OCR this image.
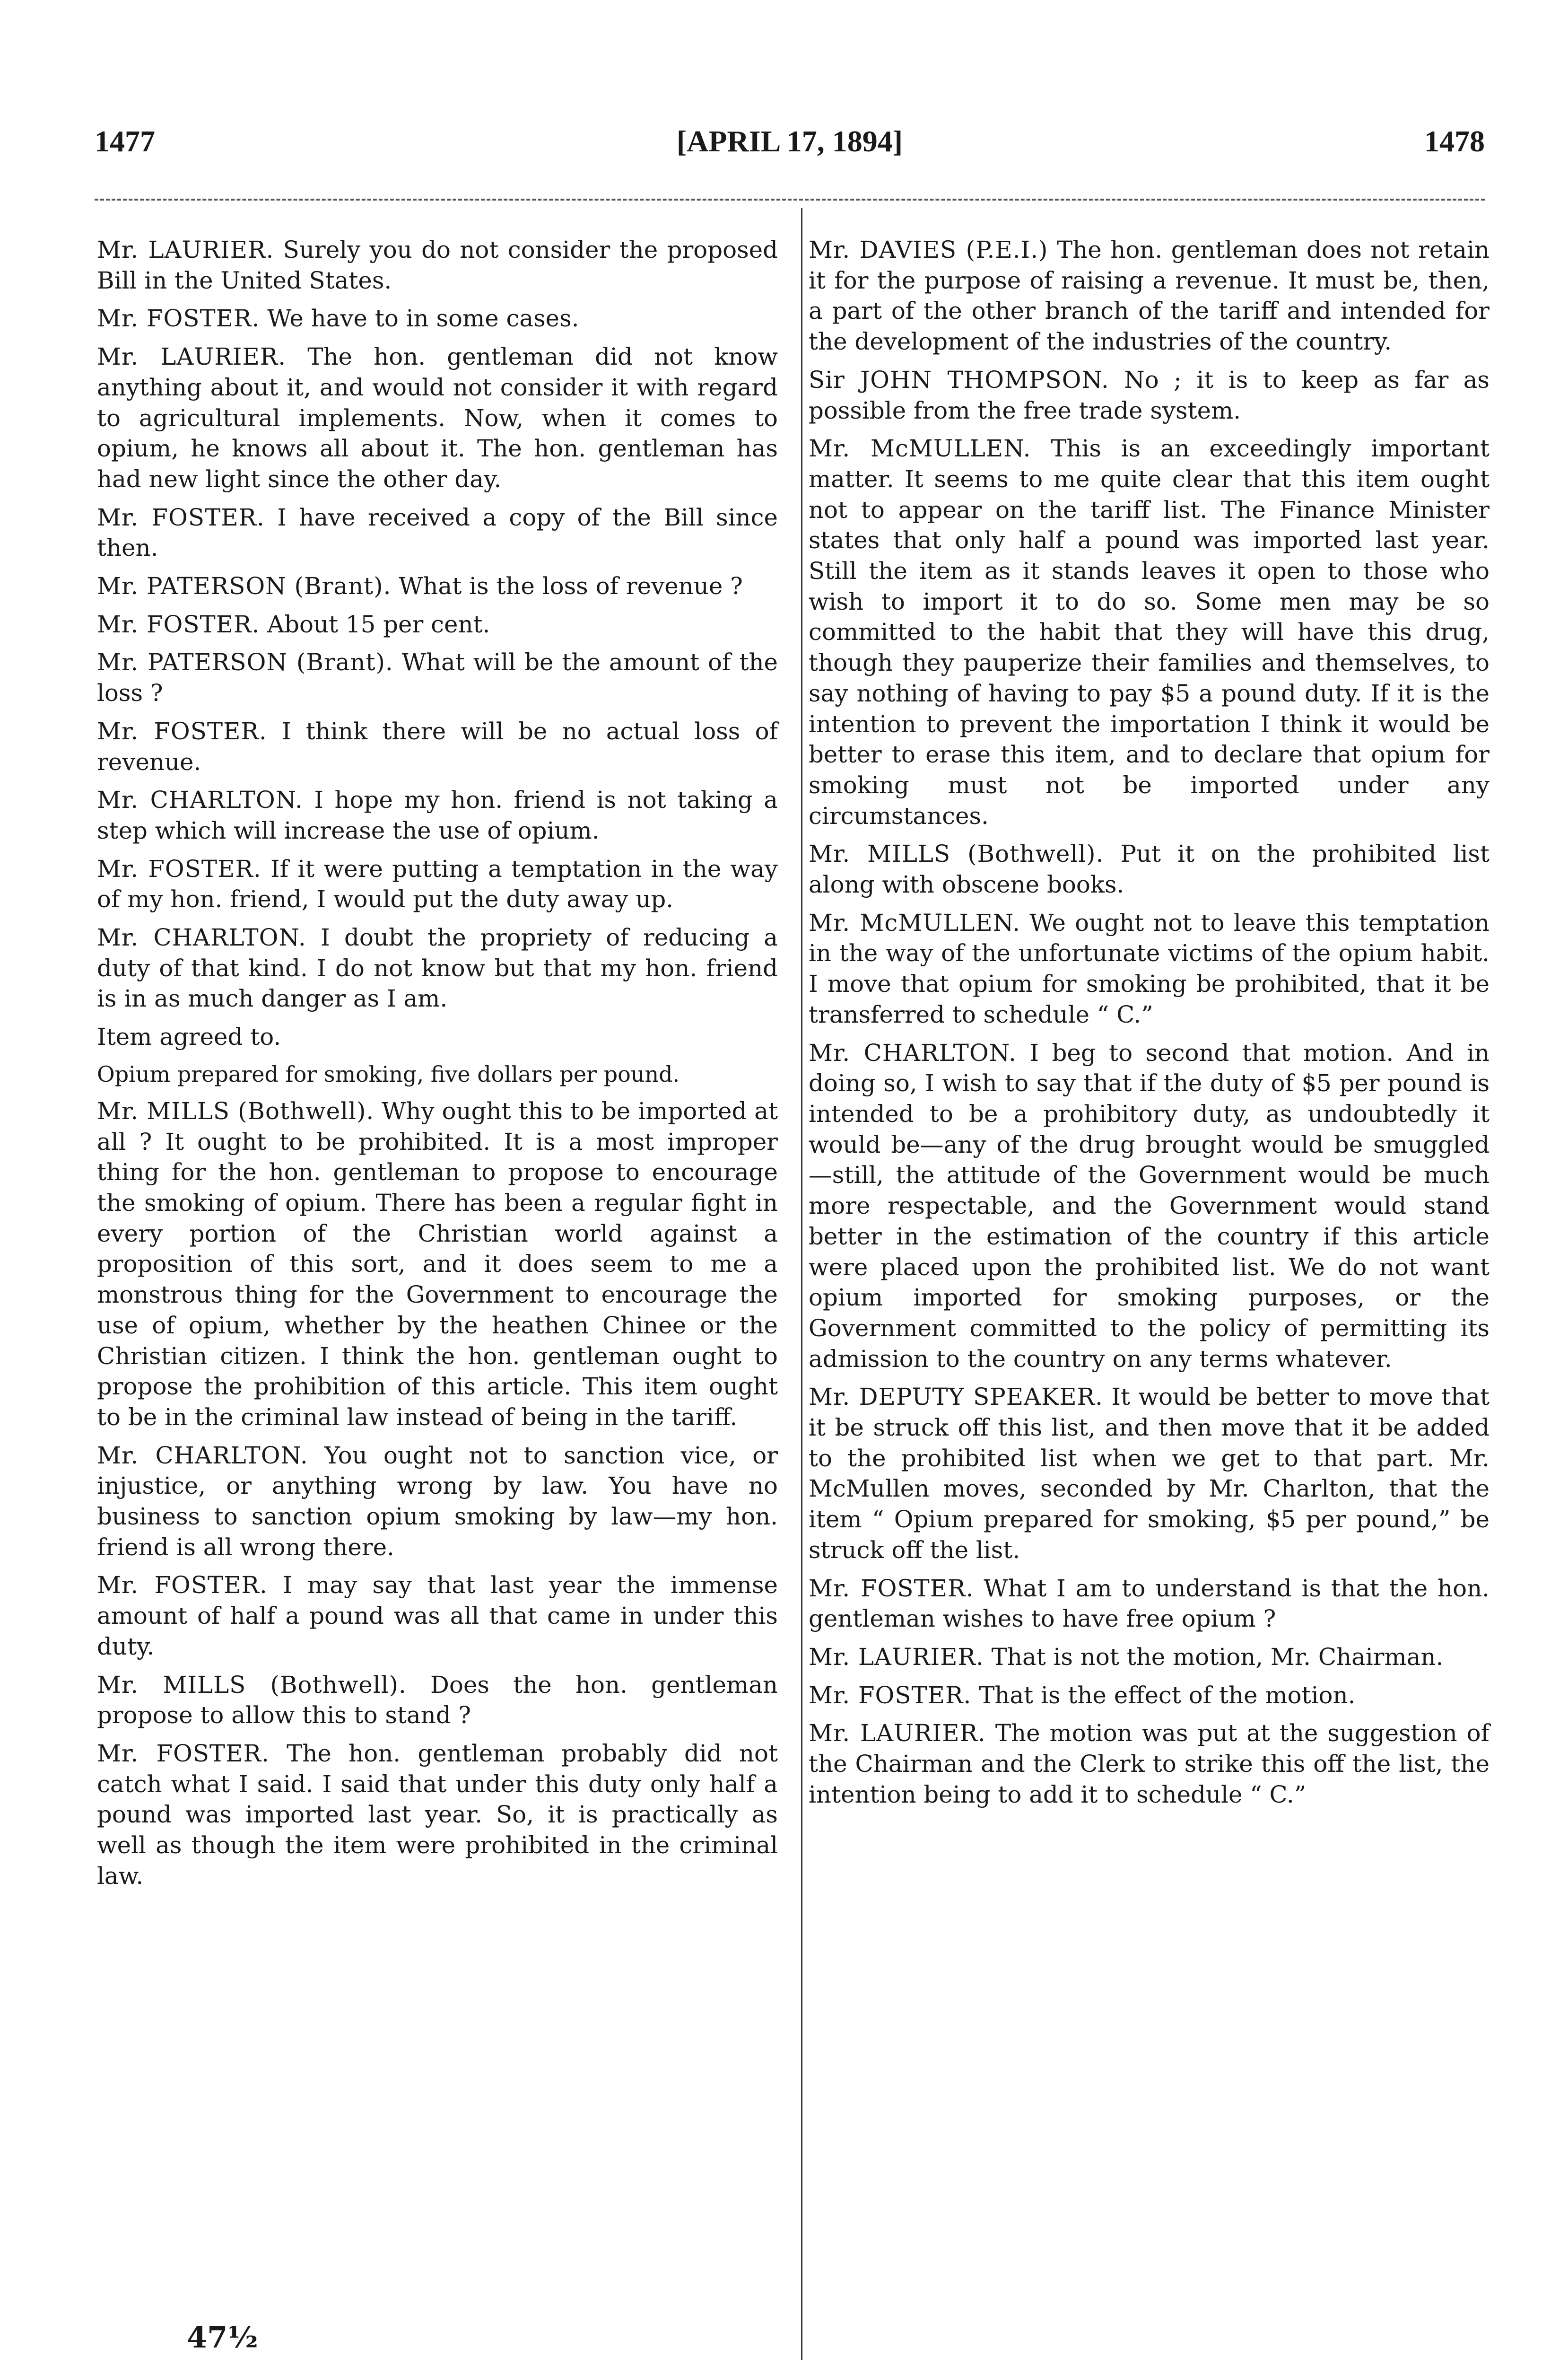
1477	[APRIL 17, 1894]	1478

Mr. LAURIER. Surely you do not consider the proposed Bill in the United States.

Mr. FOSTER. We have to in some cases.

Mr. LAURIER. The hon. gentleman did not know anything about it, and would not consider it with regard to agricultural implements. Now, when it comes to opium, he knows all about it. The hon. gentleman has had new light since the other day.

Mr. FOSTER. I have received a copy of the Bill since then.

Mr. PATERSON (Brant). What is the loss of revenue ?

Mr. FOSTER. About 15 per cent.

Mr. PATERSON (Brant). What will be the amount of the loss ?

Mr. FOSTER. I think there will be no actual loss of revenue.

Mr. CHARLTON. I hope my hon. friend is not taking a step which will increase the use of opium.

Mr. FOSTER. If it were putting a temptation in the way of my hon. friend, I would put the duty away up.

Mr. CHARLTON. I doubt the propriety of reducing a duty of that kind. I do not know but that my hon. friend is in as much danger as I am.

Item agreed to.

Opium prepared for smoking, five dollars per pound.

Mr. MILLS (Bothwell). Why ought this to be imported at all ? It ought to be prohibited. It is a most improper thing for the hon. gentleman to propose to encourage the smoking of opium. There has been a regular fight in every portion of the Christian world against a proposition of this sort, and it does seem to me a monstrous thing for the Government to encourage the use of opium, whether by the heathen Chinee or the Christian citizen. I think the hon. gentleman ought to propose the prohibition of this article. This item ought to be in the criminal law instead of being in the tariff.

Mr. CHARLTON. You ought not to sanction vice, or injustice, or anything wrong by law. You have no business to sanction opium smoking by law—my hon. friend is all wrong there.

Mr. FOSTER. I may say that last year the immense amount of half a pound was all that came in under this duty.

Mr. MILLS (Bothwell). Does the hon. gentleman propose to allow this to stand ?

Mr. FOSTER. The hon. gentleman probably did not catch what I said. I said that under this duty only half a pound was imported last year. So, it is practically as well as though the item were prohibited in the criminal law.

Mr. DAVIES (P.E.I.) The hon. gentleman does not retain it for the purpose of raising a revenue. It must be, then, a part of the other branch of the tariff and intended for the development of the industries of the country.

Sir JOHN THOMPSON. No ; it is to keep as far as possible from the free trade system.

Mr. McMULLEN. This is an exceedingly important matter. It seems to me quite clear that this item ought not to appear on the tariff list. The Finance Minister states that only half a pound was imported last year. Still the item as it stands leaves it open to those who wish to import it to do so. Some men may be so committed to the habit that they will have this drug, though they pauperize their families and themselves, to say nothing of having to pay $5 a pound duty. If it is the intention to prevent the importation I think it would be better to erase this item, and to declare that opium for smoking must not be imported under any circumstances.

Mr. MILLS (Bothwell). Put it on the prohibited list along with obscene books.

Mr. McMULLEN. We ought not to leave this temptation in the way of the unfortunate victims of the opium habit. I move that opium for smoking be prohibited, that it be transferred to schedule “ C.”

Mr. CHARLTON. I beg to second that motion. And in doing so, I wish to say that if the duty of $5 per pound is intended to be a prohibitory duty, as undoubtedly it would be—any of the drug brought would be smuggled—still, the attitude of the Government would be much more respectable, and the Government would stand better in the estimation of the country if this article were placed upon the prohibited list. We do not want opium imported for smoking purposes, or the Government committed to the policy of permitting its admission to the country on any terms whatever.

Mr. DEPUTY SPEAKER. It would be better to move that it be struck off this list, and then move that it be added to the prohibited list when we get to that part. Mr. McMullen moves, seconded by Mr. Charlton, that the item “ Opium prepared for smoking, $5 per pound,” be struck off the list.

Mr. FOSTER. What I am to understand is that the hon. gentleman wishes to have free opium ?

Mr. LAURIER. That is not the motion, Mr. Chairman.

Mr. FOSTER. That is the effect of the motion.

Mr. LAURIER. The motion was put at the suggestion of the Chairman and the Clerk to strike this off the list, the intention being to add it to schedule “ C.”

47½
